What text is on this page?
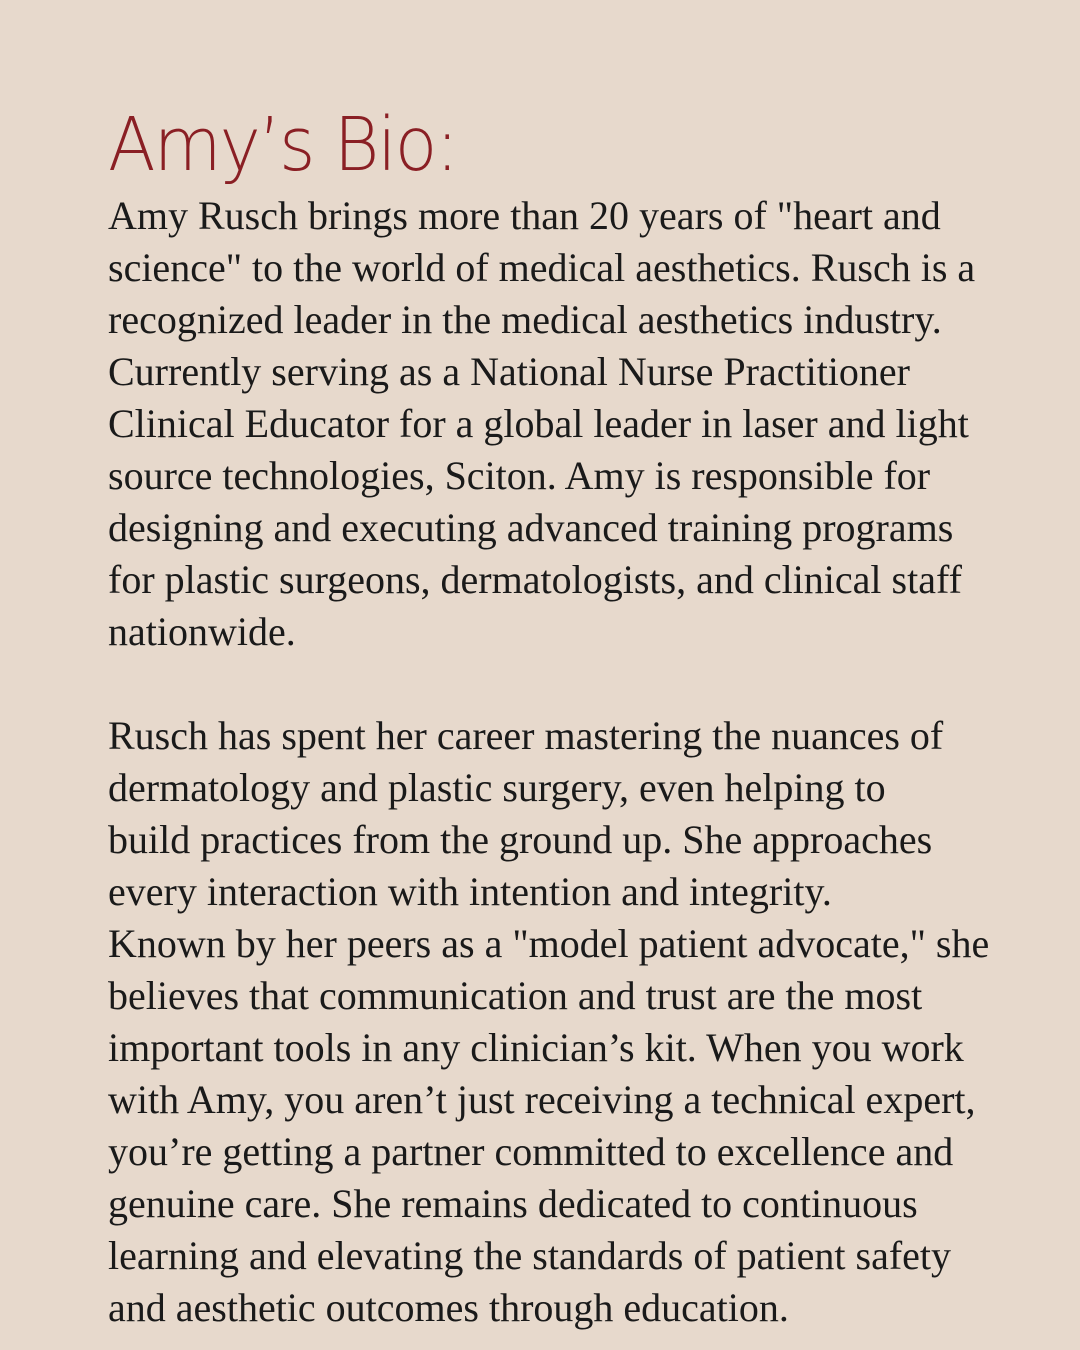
Amy’s Bio:

Amy Rusch brings more than 20 years of "heart and
science" to the world of medical aesthetics. Rusch is a
recognized leader in the medical aesthetics industry.
Currently serving as a National Nurse Practitioner
Clinical Educator for a global leader in laser and light
source technologies, Sciton. Amy is responsible for
designing and executing advanced training programs
for plastic surgeons, dermatologists, and clinical staff
nationwide.

Rusch has spent her career mastering the nuances of
dermatology and plastic surgery, even helping to
build practices from the ground up. She approaches
every interaction with intention and integrity.
Known by her peers as a "model patient advocate," she
believes that communication and trust are the most
important tools in any clinician’s kit. When you work
with Amy, you aren’t just receiving a technical expert,
you’re getting a partner committed to excellence and
genuine care. She remains dedicated to continuous
learning and elevating the standards of patient safety
and aesthetic outcomes through education.
